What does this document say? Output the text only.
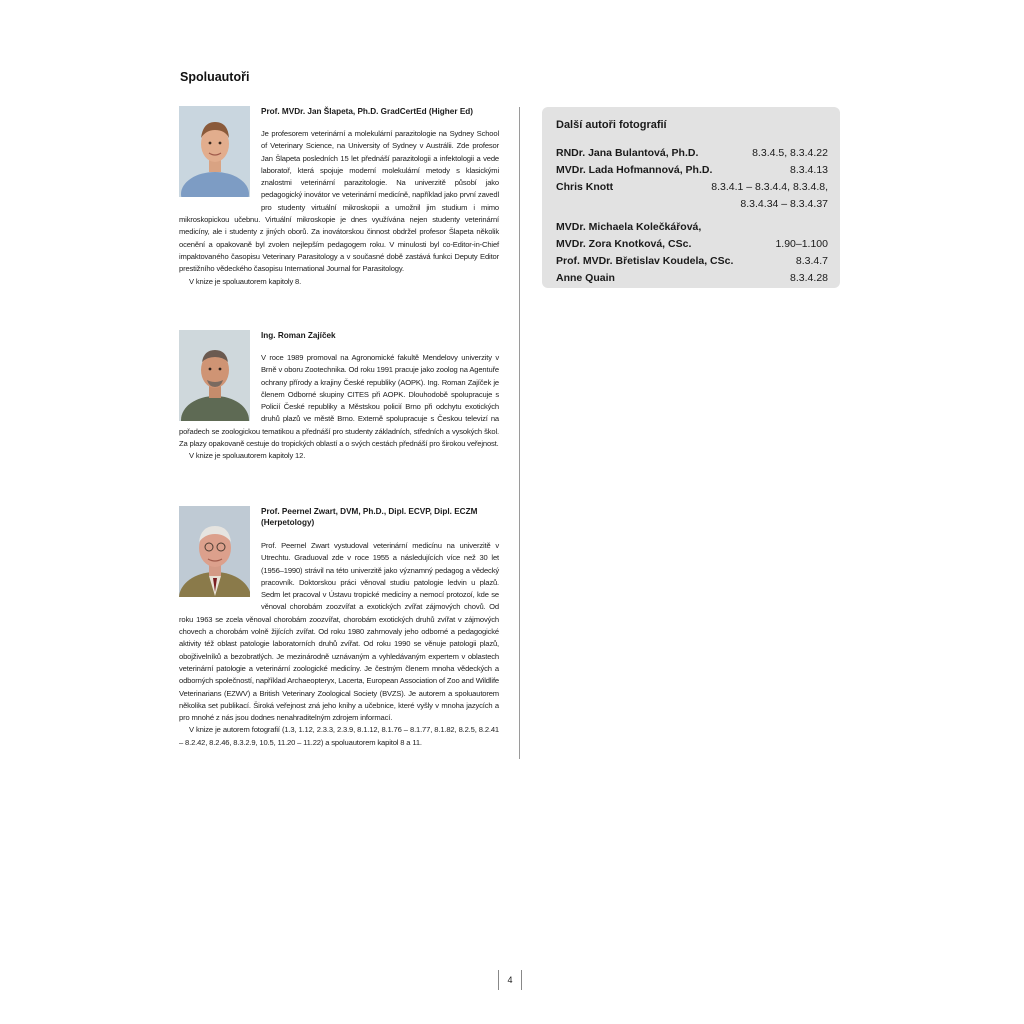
Spoluautoři
Prof. MVDr. Jan Šlapeta, Ph.D. GradCertEd (Higher Ed)

Je profesorem veterinární a molekulární parazitologie na Sydney School of Veterinary Science, na University of Sydney v Austrálii. Zde profesor Jan Šlapeta posledních 15 let přednáší parazitologii a infektologii a vede laboratoř, která spojuje moderní molekulární metody s klasickými znalostmi veterinární parazitologie. Na univerzitě působí jako pedagogický inovátor ve veterinární medicíně, například jako první zavedl pro studenty virtuální mikroskopii a umožnil jim studium i mimo mikroskopickou učebnu. Virtuální mikroskopie je dnes využívána nejen studenty veterinární medicíny, ale i studenty z jiných oborů. Za inovátorskou činnost obdržel profesor Šlapeta několik ocenění a opakovaně byl zvolen nejlepším pedagogem roku. V minulosti byl co-Editor-in-Chief impaktovaného časopisu Veterinary Parasitology a v současné době zastává funkci Deputy Editor prestižního vědeckého časopisu International Journal for Parasitology.

V knize je spoluautorem kapitoly 8.

Ing. Roman Zajíček

V roce 1989 promoval na Agronomické fakultě Mendelovy univerzity v Brně v oboru Zootechnika. Od roku 1991 pracuje jako zoolog na Agentuře ochrany přírody a krajiny České republiky (AOPK). Ing. Roman Zajíček je členem Odborné skupiny CITES při AOPK. Dlouhodobě spolupracuje s Policií České republiky a Městskou policií Brno při odchytu exotických druhů plazů ve městě Brno. Externě spolupracuje s Českou televizí na pořadech se zoologickou tematikou a přednáší pro studenty základních, středních a vysokých škol. Za plazy opakovaně cestuje do tropických oblastí a o svých cestách přednáší pro širokou veřejnost.

V knize je spoluautorem kapitoly 12.

Prof. Peernel Zwart, DVM, Ph.D., Dipl. ECVP, Dipl. ECZM (Herpetology)

Prof. Peernel Zwart vystudoval veterinární medicínu na univerzitě v Utrechtu. Graduoval zde v roce 1955 a následujících více než 30 let (1956–1990) strávil na této univerzitě jako významný pedagog a vědecký pracovník. Doktorskou práci věnoval studiu patologie ledvin u plazů. Sedm let pracoval v Ústavu tropické medicíny a nemocí protozoí, kde se věnoval chorobám zoozvířat a exotických zvířat zájmových chovů. Od roku 1963 se zcela věnoval chorobám zoozvířat, chorobám exotických druhů zvířat v zájmových chovech a chorobám volně žijících zvířat. Od roku 1980 zahrnovaly jeho odborné a pedagogické aktivity též oblast patologie laboratorních druhů zvířat. Od roku 1990 se věnuje patologii plazů, obojživelníků a bezobratlých. Je mezinárodně uznávaným a vyhledávaným expertem v oblastech veterinární patologie a veterinární zoologické medicíny. Je čestným členem mnoha vědeckých a odborných společností, například Archaeopteryx, Lacerta, European Association of Zoo and Wildlife Veterinarians (EZWV) a British Veterinary Zoological Society (BVZS). Je autorem a spoluautorem několika set publikací. Široká veřejnost zná jeho knihy a učebnice, které vyšly v mnoha jazycích a pro mnohé z nás jsou dodnes nenahraditelným zdrojem informací.

V knize je autorem fotografií (1.3, 1.12, 2.3.3, 2.3.9, 8.1.12, 8.1.76 – 8.1.77, 8.1.82, 8.2.5, 8.2.41 – 8.2.42, 8.2.46, 8.3.2.9, 10.5, 11.20 – 11.22) a spoluautorem kapitol 8 a 11.

Další autoři fotografií
RNDr. Jana Bulantová, Ph.D.	8.3.4.5, 8.3.4.22
MVDr. Lada Hofmannová, Ph.D.	8.3.4.13
Chris Knott	8.3.4.1 – 8.3.4.4, 8.3.4.8,
8.3.4.34 – 8.3.4.37
MVDr. Michaela Kolečkářová,
MVDr. Zora Knotková, CSc.	1.90–1.100
Prof. MVDr. Břetislav Koudela, CSc.	8.3.4.7
Anne Quain	8.3.4.28
4
